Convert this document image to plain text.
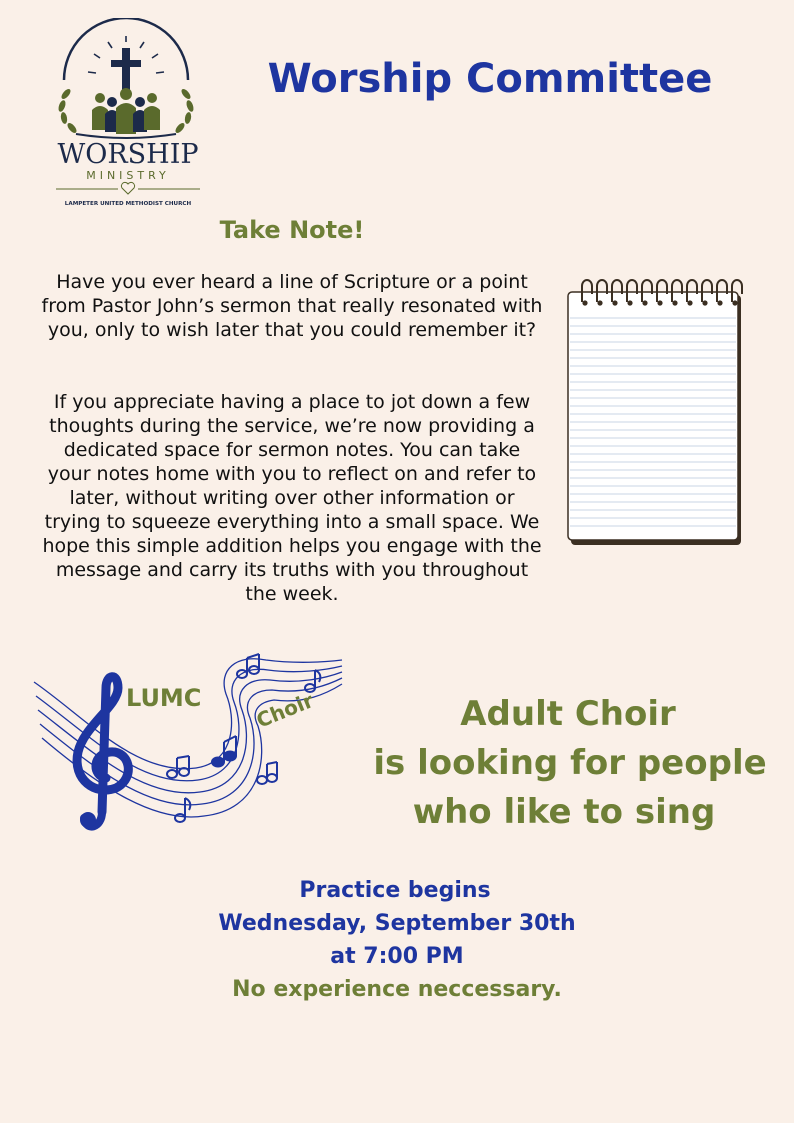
WORSHIP
MINISTRY
LAMPETER UNITED METHODIST CHURCH
Worship Committee
Take Note!

Have you ever heard a line of Scripture or a point from Pastor John’s sermon that really resonated with you, only to wish later that you could remember it?

If you appreciate having a place to jot down a few thoughts during the service, we’re now providing a dedicated space for sermon notes. You can take your notes home with you to reflect on and refer to later, without writing over other information or trying to squeeze everything into a small space. We hope this simple addition helps you engage with the message and carry its truths with you throughout the week.

LUMC	Choir	Adult Choir
is looking for people
who like to sing
Practice begins
Wednesday, September 30th
at 7:00 PM
No experience neccessary.
